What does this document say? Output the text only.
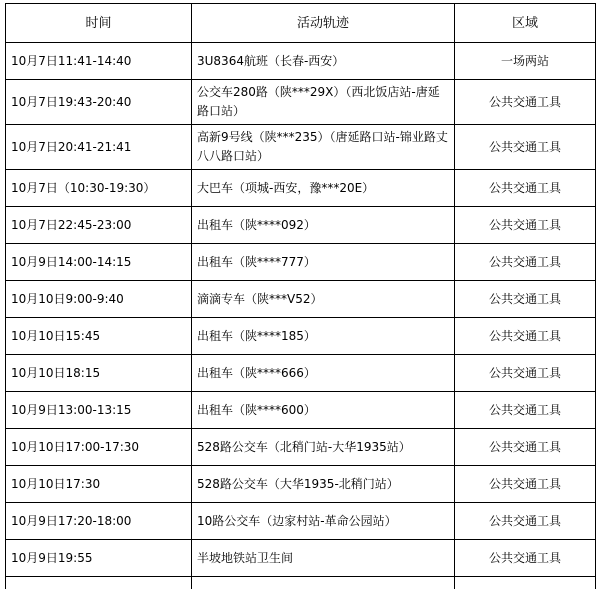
时间	活动轨迹	区域
10月7日11:41-14:40	3U8364航班（长春-西安）	一场两站
10月7日19:43-20:40	公交车280路（陕***29X）（西北饭店站-唐延路口站）	公共交通工具
10月7日20:41-21:41	高新9号线（陕***235）（唐延路口站-锦业路丈八八路口站）	公共交通工具
10月7日（10:30-19:30）	大巴车（项城-西安，豫***20E）	公共交通工具
10月7日22:45-23:00	出租车（陕****092）	公共交通工具
10月9日14:00-14:15	出租车（陕****777）	公共交通工具
10月10日9:00-9:40	滴滴专车（陕***V52）	公共交通工具
10月10日15:45	出租车（陕****185）	公共交通工具
10月10日18:15	出租车（陕****666）	公共交通工具
10月9日13:00-13:15	出租车（陕****600）	公共交通工具
10月10日17:00-17:30	528路公交车（北稍门站-大华1935站）	公共交通工具
10月10日17:30	528路公交车（大华1935-北稍门站）	公共交通工具
10月9日17:20-18:00	10路公交车（边家村站-革命公园站）	公共交通工具
10月9日19:55	半坡地铁站卫生间	公共交通工具
